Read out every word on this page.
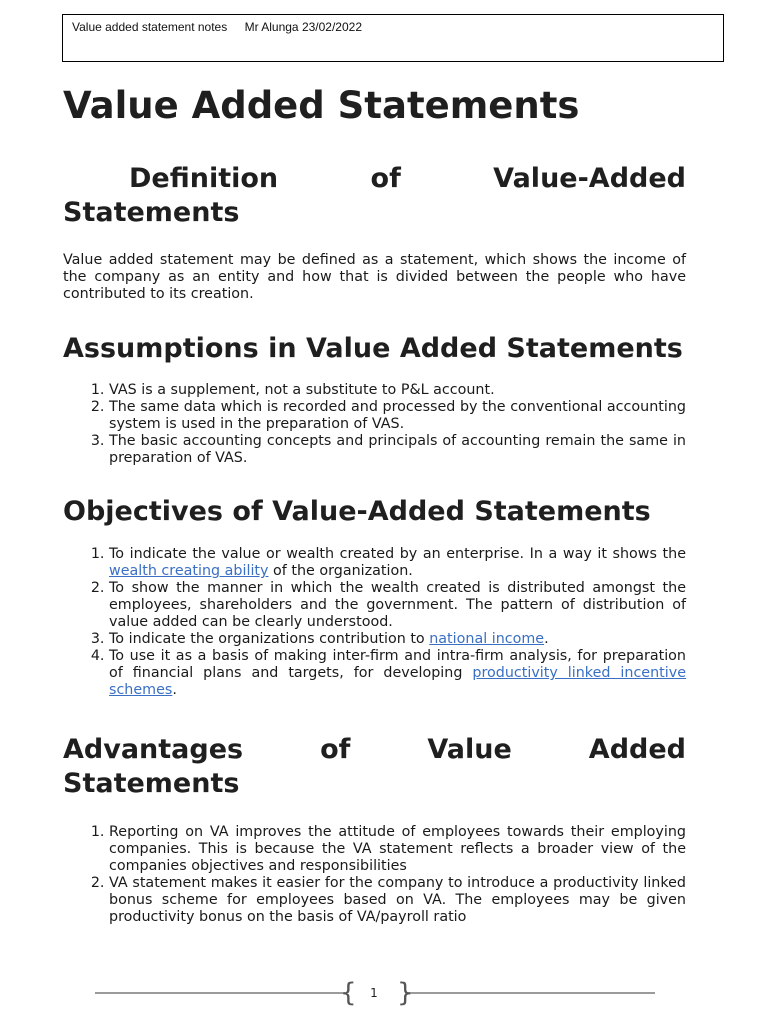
Value added statement notes Mr Alunga 23/02/2022
Value Added Statements
Definition	of	Value-Added
Statements

Value added statement may be defined as a statement, which shows the income of the company as an entity and how that is divided between the people who have contributed to its creation.

Assumptions in Value Added Statements
1. VAS is a supplement, not a substitute to P&L account.
2. The same data which is recorded and processed by the conventional accounting system is used in the preparation of VAS.
3. The basic accounting concepts and principals of accounting remain the same in preparation of VAS.
Objectives of Value-Added Statements
1. To indicate the value or wealth created by an enterprise. In a way it shows the wealth creating ability of the organization.
2. To show the manner in which the wealth created is distributed amongst the employees, shareholders and the government. The pattern of distribution of value added can be clearly understood.
3. To indicate the organizations contribution to national income.
4. To use it as a basis of making inter-firm and intra-firm analysis, for preparation of financial plans and targets, for developing productivity linked incentive schemes.
Advantages	of	Value	Added
Statements
1. Reporting on VA improves the attitude of employees towards their employing companies. This is because the VA statement reflects a broader view of the companies objectives and responsibilities
2. VA statement makes it easier for the company to introduce a productivity linked bonus scheme for employees based on VA. The employees may be given productivity bonus on the basis of VA/payroll ratio
{ }
1
